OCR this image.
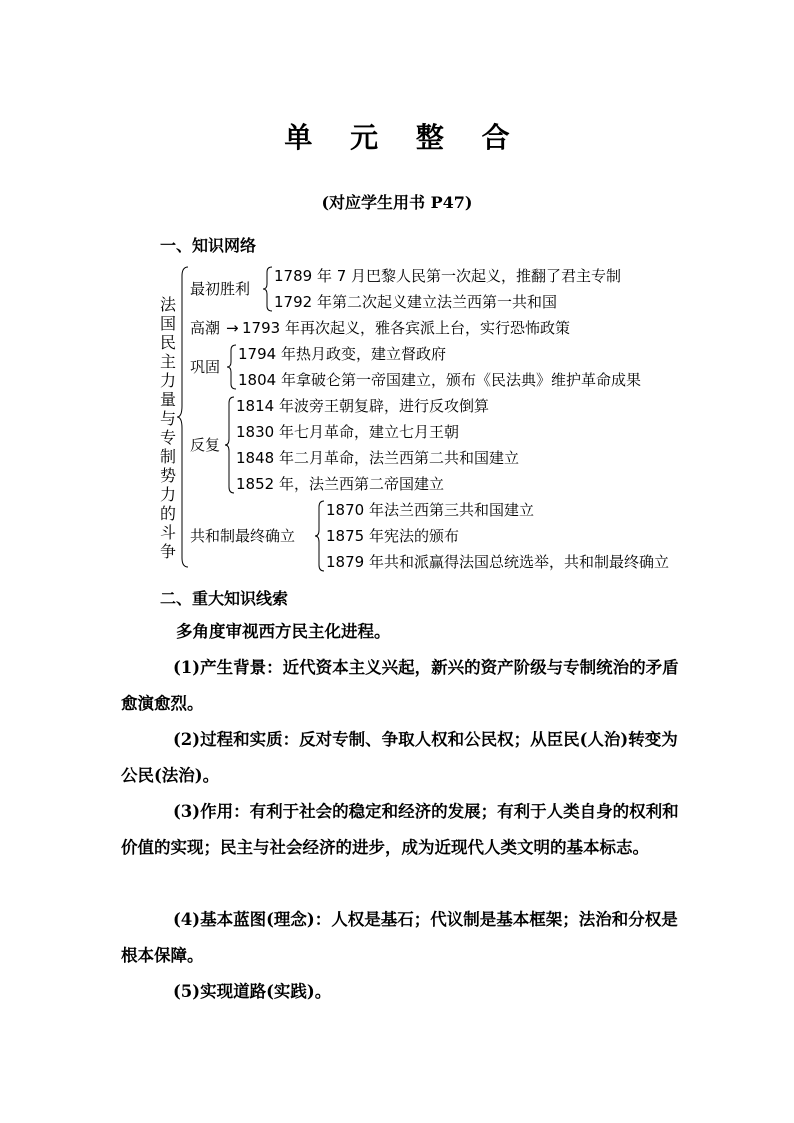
单 元 整 合
(对应学生用书 P47)
一、知识网络
法
国
民
主
力
量
与
专
制
势
力
的
斗
争
最初胜利
高潮 →
巩固
反复
共和制最终确立
1789 年 7 月巴黎人民第一次起义，推翻了君主专制
1792 年第二次起义建立法兰西第一共和国
1793 年再次起义，雅各宾派上台，实行恐怖政策
1794 年热月政变，建立督政府
1804 年拿破仑第一帝国建立，颁布《民法典》维护革命成果
1814 年波旁王朝复辟，进行反攻倒算
1830 年七月革命，建立七月王朝
1848 年二月革命，法兰西第二共和国建立
1852 年，法兰西第二帝国建立
1870 年法兰西第三共和国建立
1875 年宪法的颁布
1879 年共和派赢得法国总统选举，共和制最终确立
二、重大知识线索
多角度审视西方民主化进程。
(1)产生背景：近代资本主义兴起，新兴的资产阶级与专制统治的矛盾愈演愈烈。
(2)过程和实质：反对专制、争取人权和公民权；从臣民(人治)转变为公民(法治)。
(3)作用：有利于社会的稳定和经济的发展；有利于人类自身的权利和价值的实现；民主与社会经济的进步，成为近现代人类文明的基本标志。
(4)基本蓝图(理念)：人权是基石；代议制是基本框架；法治和分权是根本保障。
(5)实现道路(实践)。
